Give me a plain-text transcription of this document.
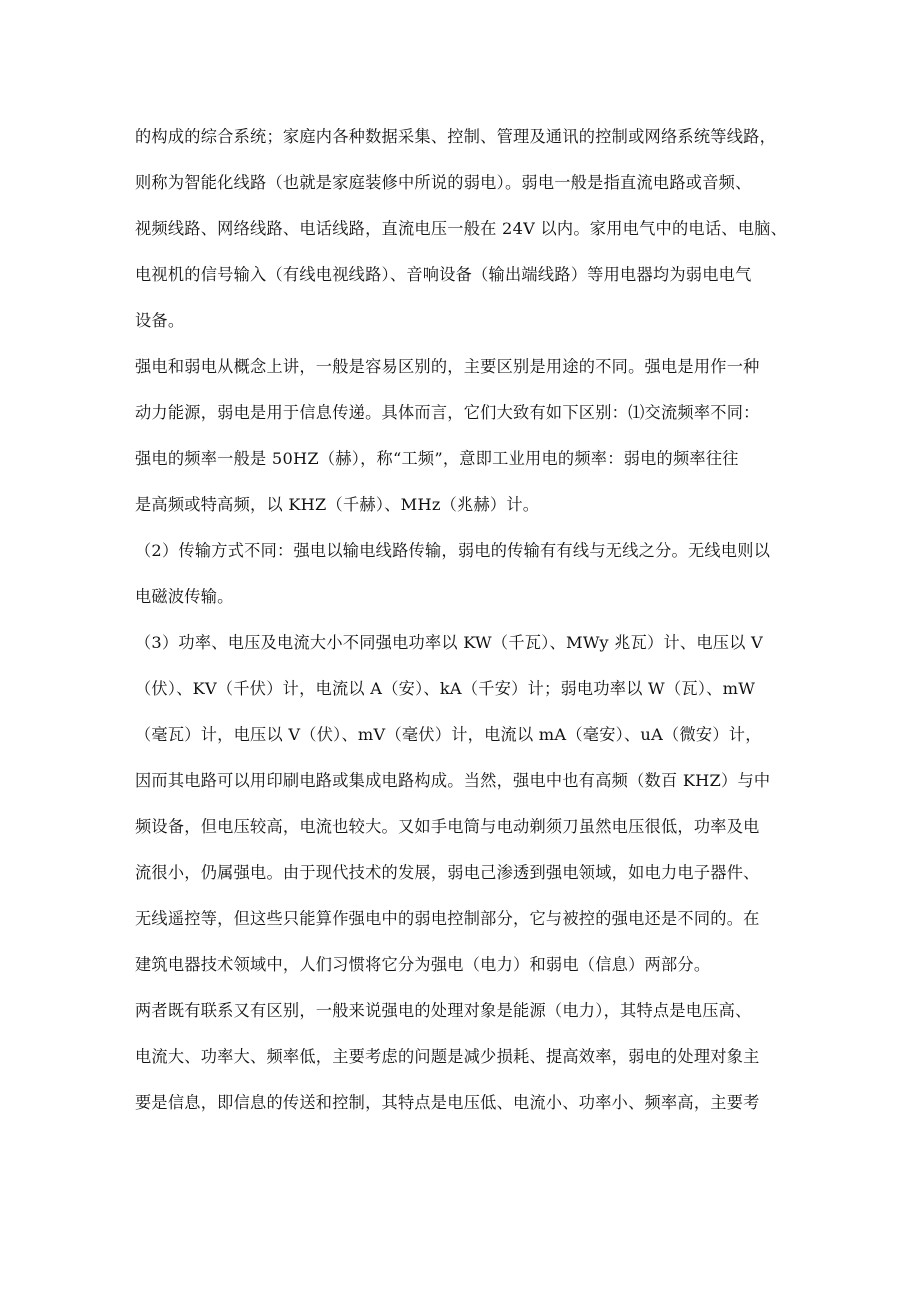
的构成的综合系统；家庭内各种数据采集、控制、管理及通讯的控制或网络系统等线路，
则称为智能化线路（也就是家庭装修中所说的弱电）。弱电一般是指直流电路或音频、
视频线路、网络线路、电话线路，直流电压一般在 24V 以内。家用电气中的电话、电脑、
电视机的信号输入（有线电视线路）、音响设备（输出端线路）等用电器均为弱电电气
设备。
强电和弱电从概念上讲，一般是容易区别的，主要区别是用途的不同。强电是用作一种
动力能源，弱电是用于信息传递。具体而言，它们大致有如下区别：⑴交流频率不同：
强电的频率一般是 50HZ（赫），称“工频”，意即工业用电的频率：弱电的频率往往
是高频或特高频，以 KHZ（千赫）、MHz（兆赫）计。
（2）传输方式不同：强电以输电线路传输，弱电的传输有有线与无线之分。无线电则以
电磁波传输。
（3）功率、电压及电流大小不同强电功率以 KW（千瓦）、MWy 兆瓦）计、电压以 V
（伏）、KV（千伏）计，电流以 A（安）、kA（千安）计；弱电功率以 W（瓦）、mW
（毫瓦）计，电压以 V（伏）、mV（毫伏）计，电流以 mA（毫安）、uA（微安）计，
因而其电路可以用印刷电路或集成电路构成。当然，强电中也有高频（数百 KHZ）与中
频设备，但电压较高，电流也较大。又如手电筒与电动剃须刀虽然电压很低，功率及电
流很小，仍属强电。由于现代技术的发展，弱电己渗透到强电领域，如电力电子器件、
无线遥控等，但这些只能算作强电中的弱电控制部分，它与被控的强电还是不同的。在
建筑电器技术领域中，人们习惯将它分为强电（电力）和弱电（信息）两部分。
两者既有联系又有区别，一般来说强电的处理对象是能源（电力），其特点是电压高、
电流大、功率大、频率低，主要考虑的问题是减少损耗、提高效率，弱电的处理对象主
要是信息，即信息的传送和控制，其特点是电压低、电流小、功率小、频率高，主要考
